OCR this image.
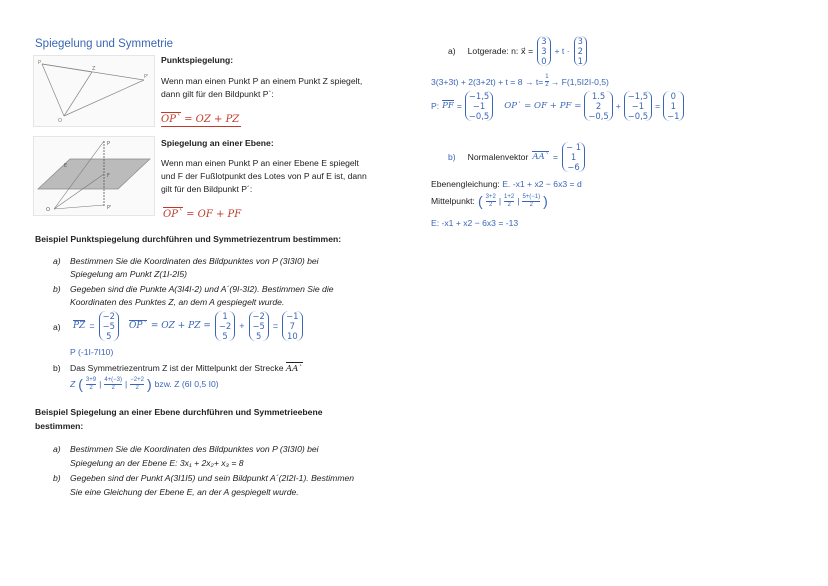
Spiegelung und Symmetrie
P
Z
P'
O
Punktspiegelung:
Wenn man einen Punkt P an einem Punkt Z spiegelt,
dann gilt für den Bildpunkt P`:
OP` = OZ + PZ
P
F
P'
E
O
Spiegelung an einer Ebene:
Wenn man einen Punkt P an einer Ebene E spiegelt
und F der Fußlotpunkt des Lotes von P auf E ist, dann
gilt für den Bildpunkt P´:
OP` = OF + PF
Beispiel Punktspiegelung durchführen und Symmetriezentrum bestimmen:
a) Bestimmen Sie die Koordinaten des Bildpunktes von P (3I3I0) bei
Spiegelung am Punkt Z(1I-2I5)
b) Gegeben sind die Punkte A(3I4I-2) und A´(9I-3I2). Bestimmen Sie die
Koordinaten des Punktes Z, an dem A gespiegelt wurde.
a) PZ =
−2
−5
5
OP` = OZ + PZ =
1
−2
5
+
−2
−5
5
=
−1
7
10
P (-1I-7I10)
b) Das Symmetriezentrum Z ist der Mittelpunkt der Strecke AA`
Z ( $\frac{3+9}{2}$ | $\frac{4+(-3)}{2}$ | $\frac{-2+2}{2}$ ) bzw. Z (6I 0,5 I0)
Beispiel Spiegelung an einer Ebene durchführen und Symmetrieebene
bestimmen:
a) Bestimmen Sie die Koordinaten des Bildpunktes von P (3I3I0) bei
Spiegelung an der Ebene E: 3x₁ + 2x₂+ x₃ = 8
b) Gegeben sind der Punkt A(3I1I5) und sein Bildpunkt A´(2I2I-1). Bestimmen
Sie eine Gleichung der Ebene E, an der A gespiegelt wurde.
a) Lotgerade: n: x⃗ =
3
3
0
+ t ·
3
2
1
$3(3+3t) + 2(3+2t) + t = 8 \to t= \frac{1}{2} \to F(1,5I2I-0,5)$
P: PF =
−1,5
−1
−0,5
OP` = OF + PF =
1.5
2
−0,5
+
−1,5
−1
−0,5
=
0
1
−1
b) Normalenvektor AA` =
− 1
1
−6
Ebenengleichung: E. -x1 + x2 − 6x3 = d
Mittelpunkt: ( $\frac{3+2}{2}$ | $\frac{1+2}{2}$ | $\frac{5+(-1)}{2}$ )
E: -x1 + x2 − 6x3 = -13
